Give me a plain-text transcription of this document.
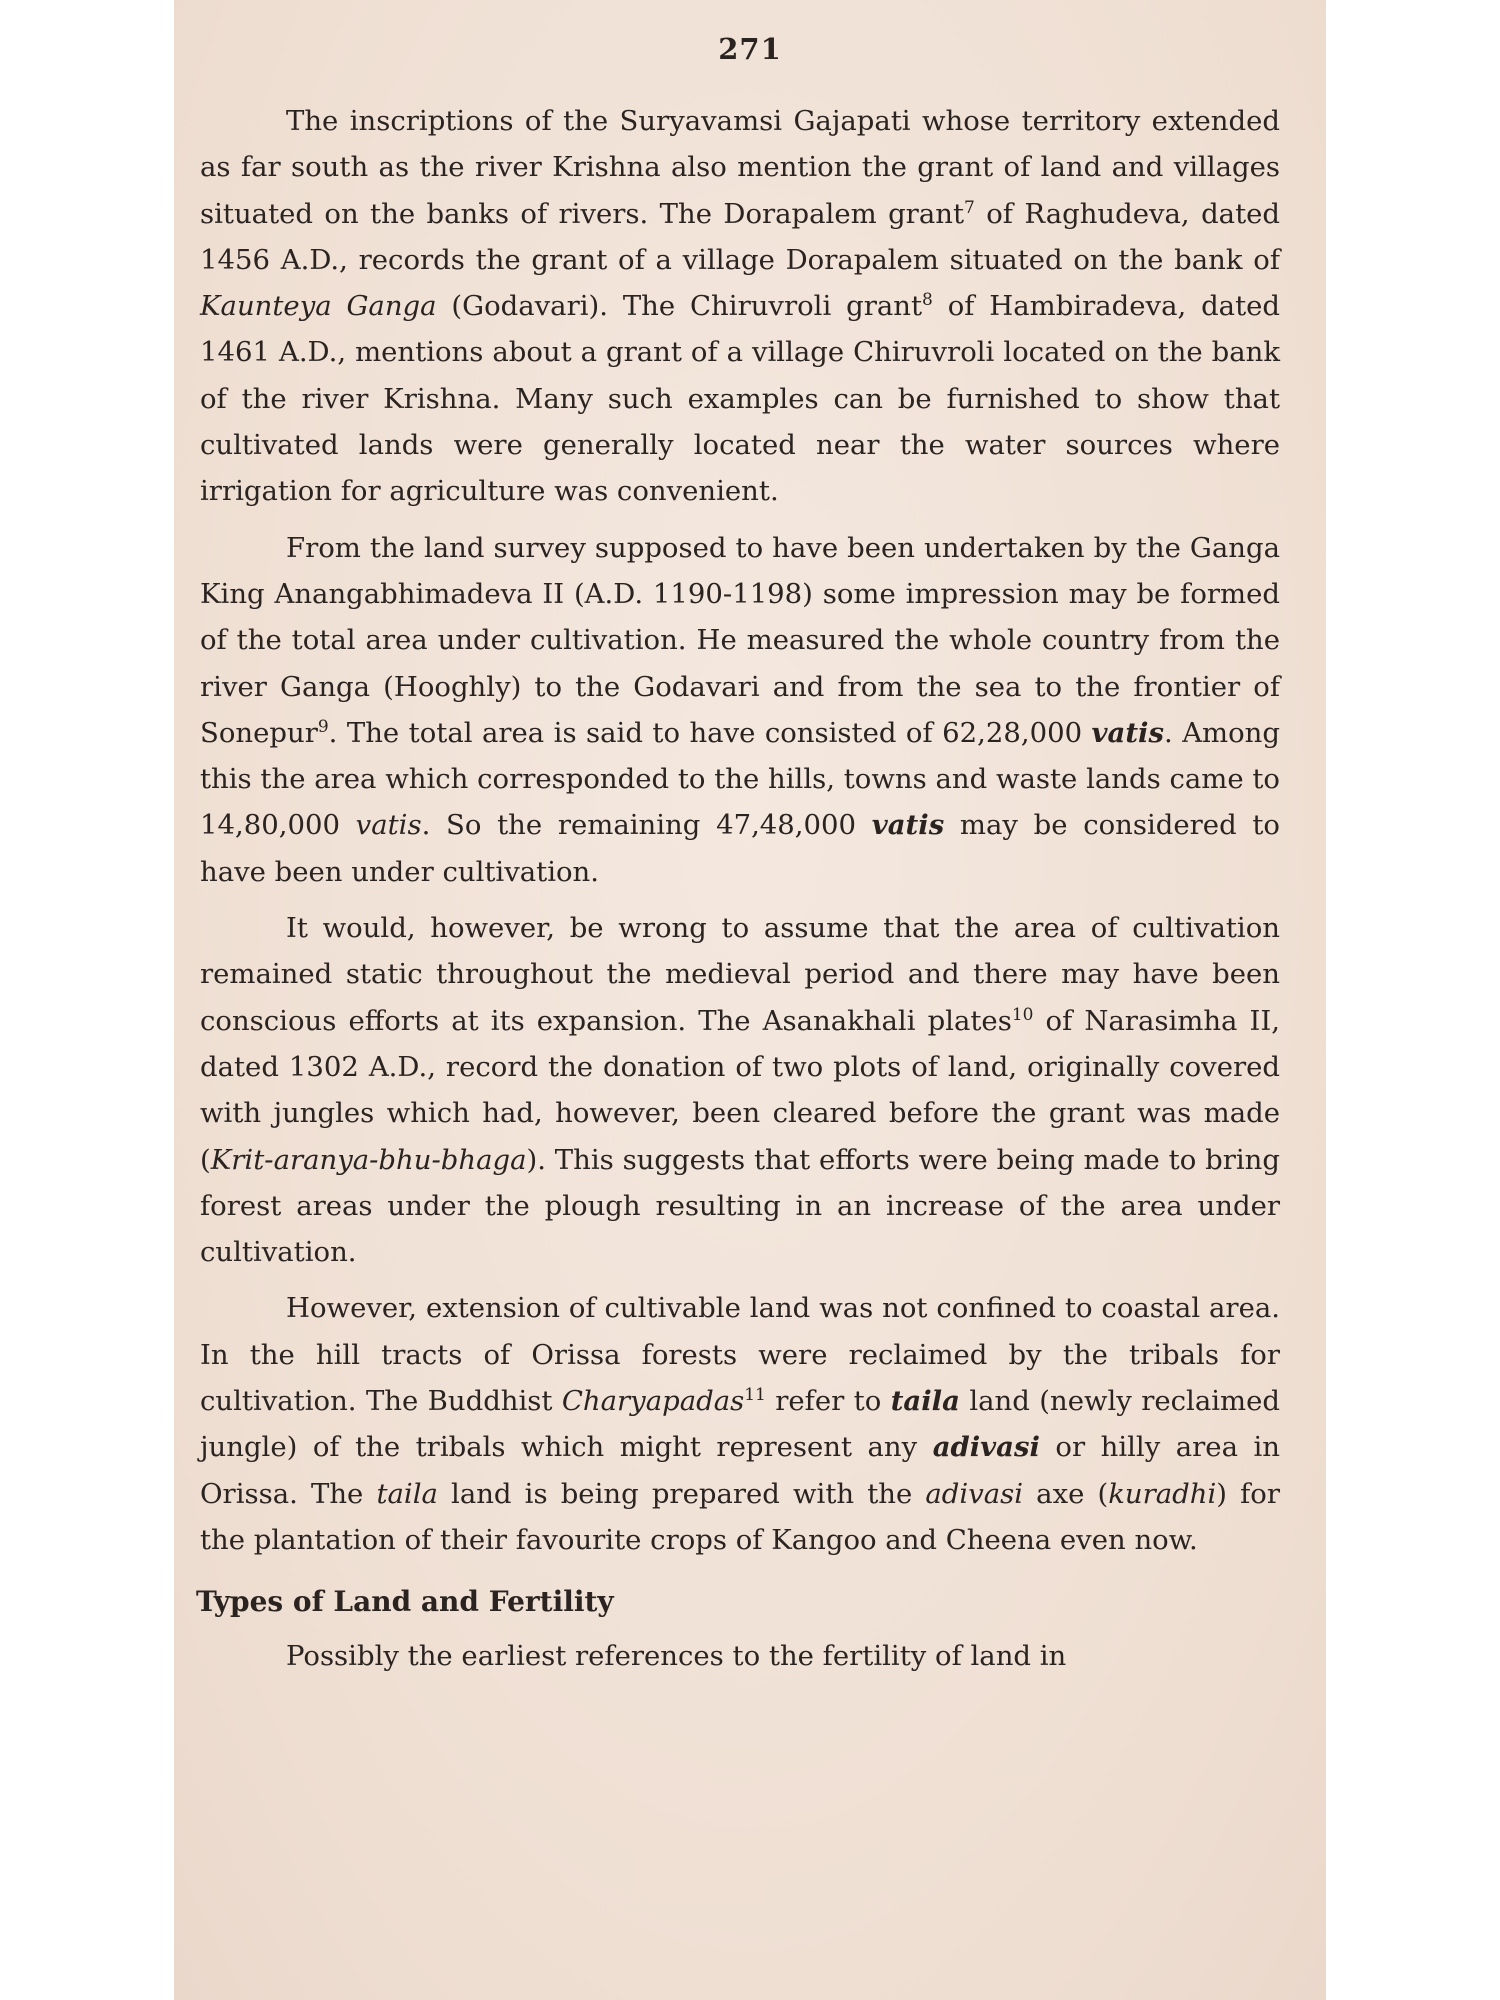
271

The inscriptions of the Suryavamsi Gajapati whose territory extended as far south as the river Krishna also mention the grant of land and villages situated on the banks of rivers. The Dorapalem grant$^7$ of Raghudeva, dated 1456 A.D., records the grant of a village Dorapalem situated on the bank of Kaunteya Ganga (Godavari). The Chiruvroli grant$^8$ of Hambiradeva, dated 1461 A.D., mentions about a grant of a village Chiruvroli located on the bank of the river Krishna. Many such examples can be furnished to show that cultivated lands were generally located near the water sources where irrigation for agriculture was convenient.

From the land survey supposed to have been undertaken by the Ganga King Anangabhimadeva II (A.D. 1190-1198) some impression may be formed of the total area under cultivation. He measured the whole country from the river Ganga (Hooghly) to the Godavari and from the sea to the frontier of Sonepur$^9$. The total area is said to have consisted of 62,28,000 vatis. Among this the area which corresponded to the hills, towns and waste lands came to 14,80,000 vatis. So the remaining 47,48,000 vatis may be considered to have been under cultivation.

It would, however, be wrong to assume that the area of cultivation remained static throughout the medieval period and there may have been conscious efforts at its expansion. The Asanakhali plates$^{10}$ of Narasimha II, dated 1302 A.D., record the donation of two plots of land, originally covered with jungles which had, however, been cleared before the grant was made (Krit-aranya-bhu-bhaga). This suggests that efforts were being made to bring forest areas under the plough resulting in an increase of the area under cultivation.

However, extension of cultivable land was not confined to coastal area. In the hill tracts of Orissa forests were reclaimed by the tribals for cultivation. The Buddhist Charyapadas$^{11}$ refer to taila land (newly reclaimed jungle) of the tribals which might represent any adivasi or hilly area in Orissa. The taila land is being prepared with the adivasi axe (kuradhi) for the plantation of their favourite crops of Kangoo and Cheena even now.

Types of Land and Fertility

Possibly the earliest references to the fertility of land in
